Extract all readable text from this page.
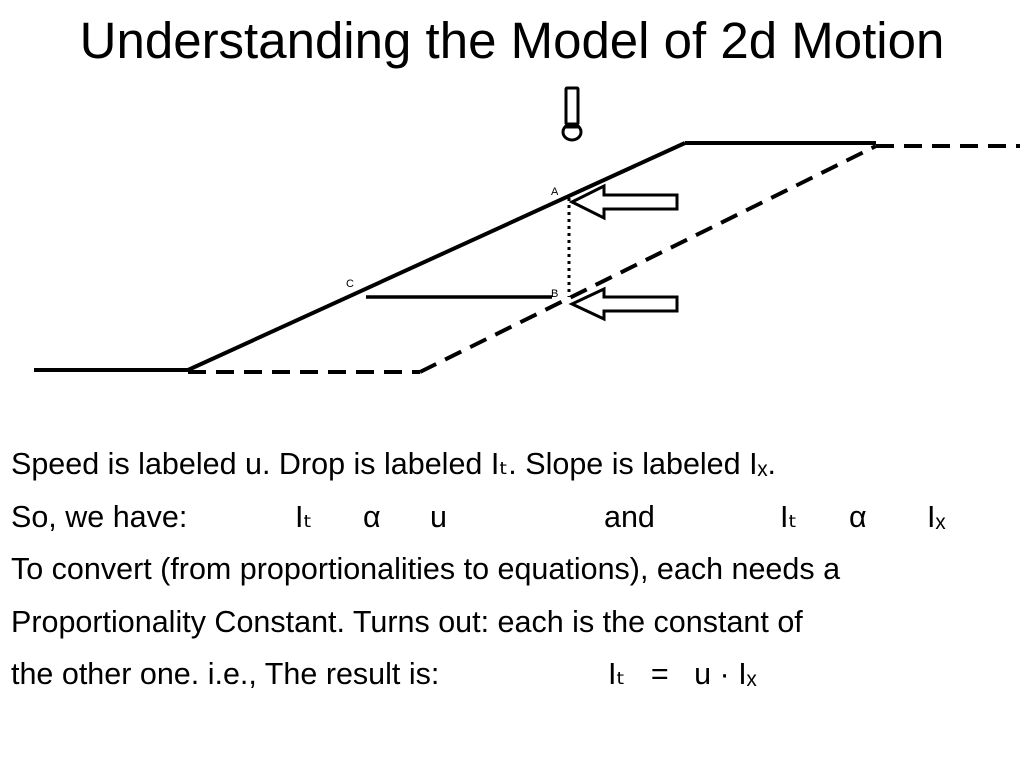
Understanding the Model of 2d Motion
A
B
C
Speed is labeled u. Drop is labeled Iₜ. Slope is labeled Iₓ.
So, we have:	Iₜ α u	and	Iₜ α Iₓ
To convert (from proportionalities to equations), each needs a
Proportionality Constant. Turns out: each is the constant of
the other one. i.e., The result is:	Iₜ   =   u · Iₓ
